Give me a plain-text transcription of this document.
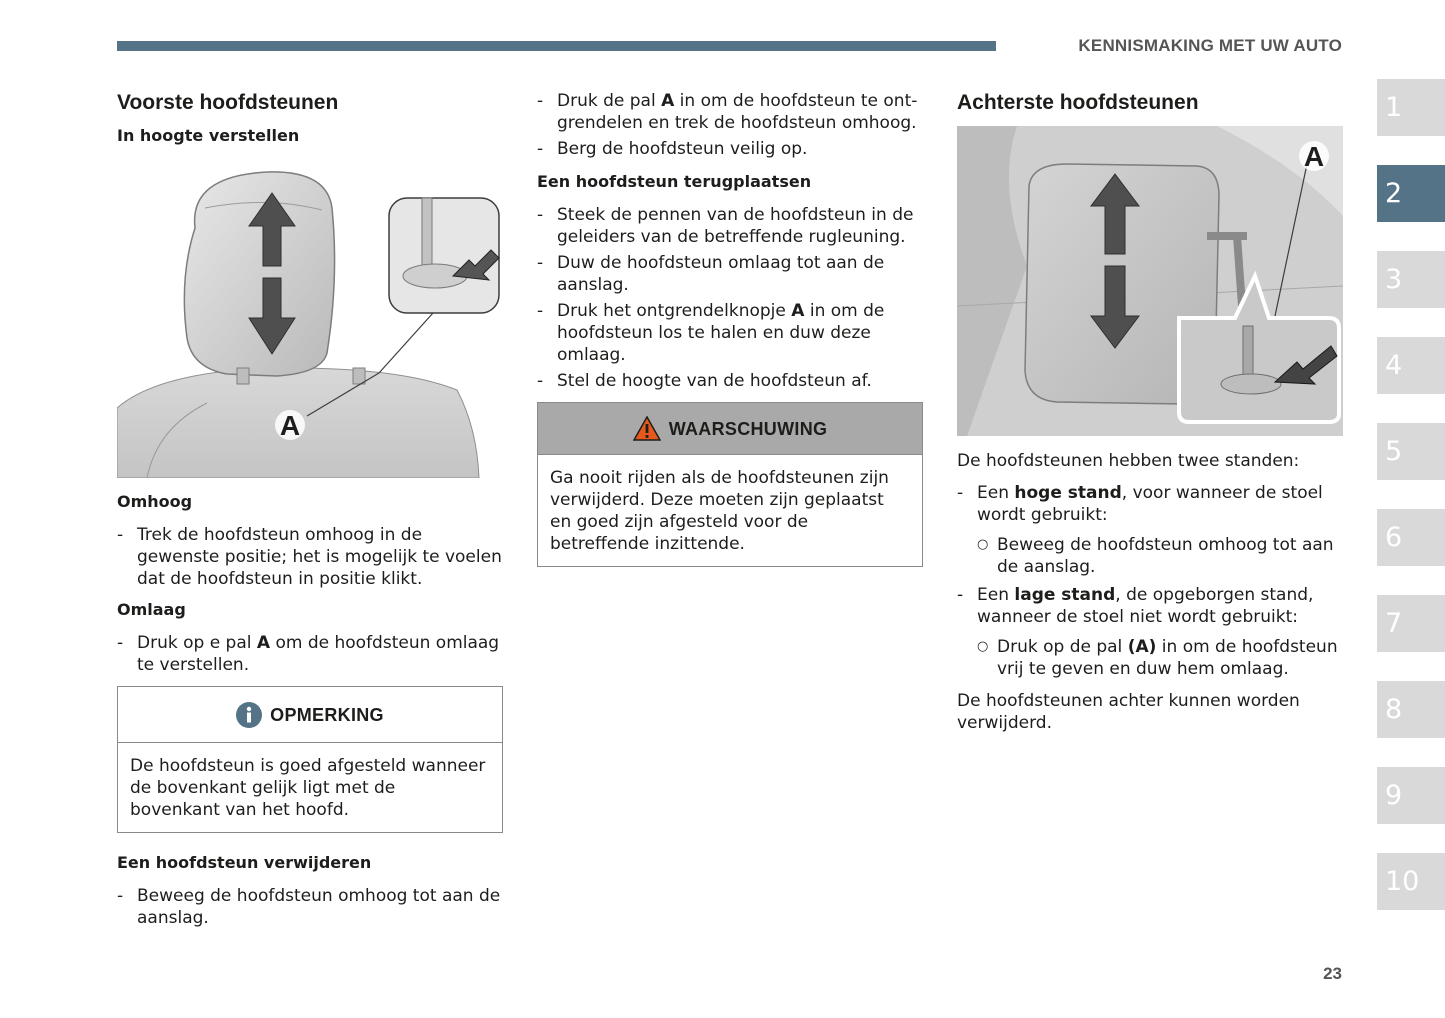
KENNISMAKING MET UW AUTO
Voorste hoofdsteunen
In hoogte verstellen
A
Omhoog
- Trek de hoofdsteun omhoog in de gewenste positie; het is mogelijk te voelen dat de hoofdsteun in positie klikt.
Omlaag
- Druk op e pal A om de hoofdsteun omlaag te verstellen.
OPMERKING
De hoofdsteun is goed afgesteld wanneer de bovenkant gelijk ligt met de bovenkant van het hoofd.
Een hoofdsteun verwijderen
- Beweeg de hoofdsteun omhoog tot aan de aanslag.
- Druk de pal A in om de hoofdsteun te ontgrendelen en trek de hoofdsteun omhoog.
- Berg de hoofdsteun veilig op.
Een hoofdsteun terugplaatsen
- Steek de pennen van de hoofdsteun in de geleiders van de betreffende rugleuning.
- Duw de hoofdsteun omlaag tot aan de aanslag.
- Druk het ontgrendelknopje A in om de hoofdsteun los te halen en duw deze omlaag.
- Stel de hoogte van de hoofdsteun af.
WAARSCHUWING
Ga nooit rijden als de hoofdsteunen zijn verwijderd. Deze moeten zijn geplaatst en goed zijn afgesteld voor de betreffende inzittende.
Achterste hoofdsteunen
A

De hoofdsteunen hebben twee standen:

- Een hoge stand, voor wanneer de stoel wordt gebruikt:
○ Beweeg de hoofdsteun omhoog tot aan de aanslag.
- Een lage stand, de opgeborgen stand, wanneer de stoel niet wordt gebruikt:
○ Druk op de pal (A) in om de hoofdsteun vrij te geven en duw hem omlaag.

De hoofdsteunen achter kunnen worden verwijderd.

1
2
3
4
5
6
7
8
9
10
23
